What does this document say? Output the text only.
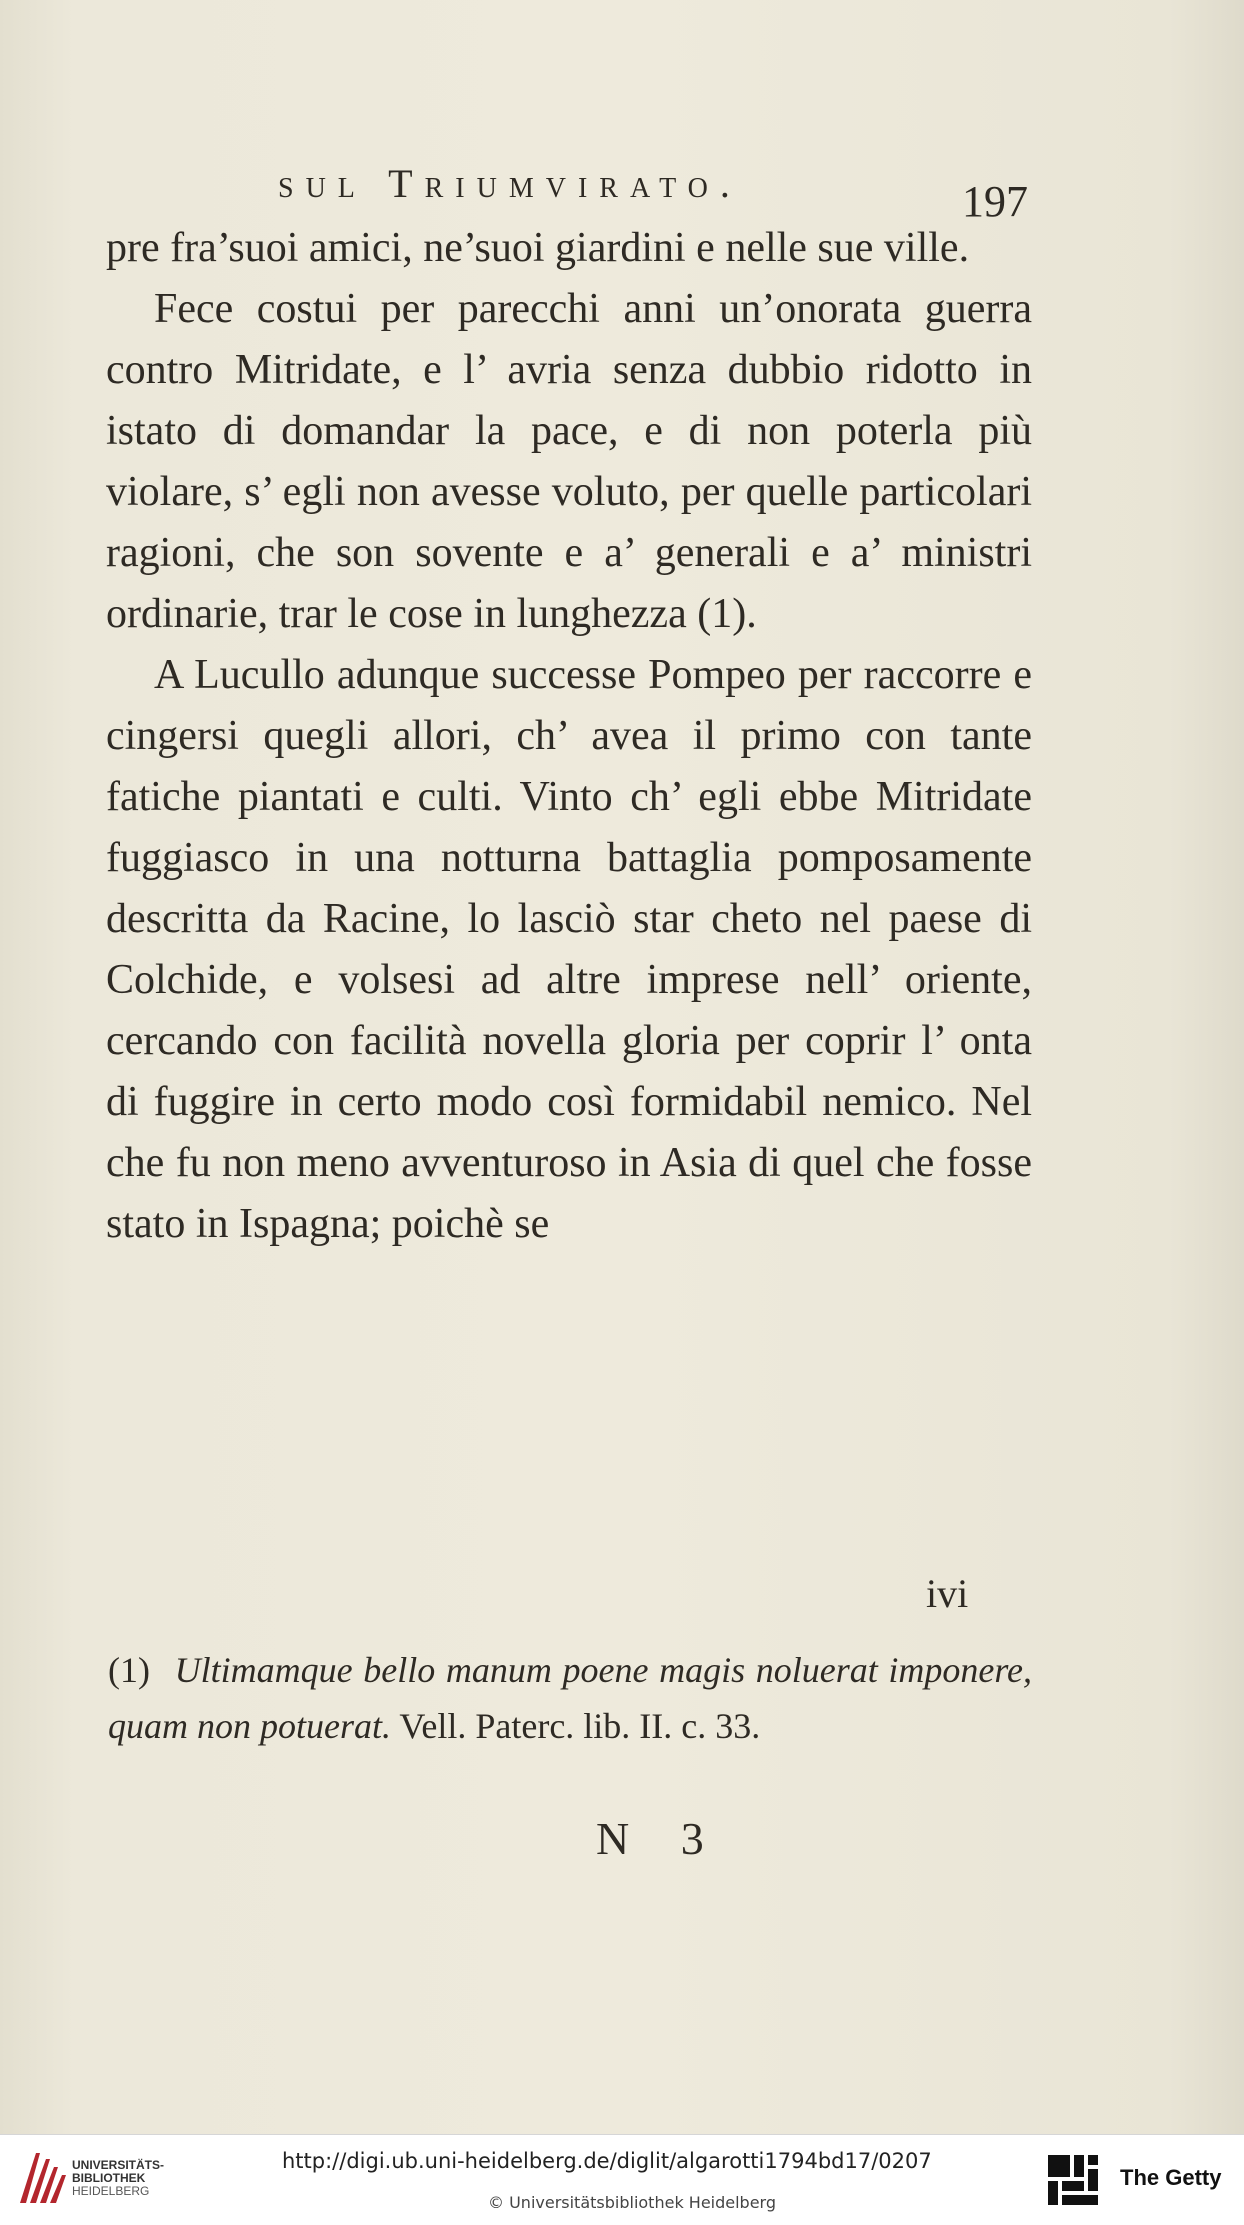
sul Triumvirato.	197

pre fra’suoi amici, ne’suoi giardini e nelle sue ville.

Fece costui per parecchi anni un’onorata guerra contro Mitridate, e l’ avria senza dubbio ridotto in istato di domandar la pace, e di non poterla più violare, s’ egli non avesse voluto, per quelle particolari ragioni, che son sovente e a’ generali e a’ ministri ordinarie, trar le cose in lunghezza (1).

A Lucullo adunque successe Pompeo per raccorre e cingersi quegli allori, ch’ avea il primo con tante fatiche piantati e culti. Vinto ch’ egli ebbe Mitridate fuggiasco in una notturna battaglia pomposamente descritta da Racine, lo lasciò star cheto nel paese di Colchide, e volsesi ad altre imprese nell’ oriente, cercando con facilità novella gloria per coprir l’ onta di fuggire in certo modo così formidabil nemico. Nel che fu non meno avventuroso in Asia di quel che fosse stato in Ispagna; poichè se

ivi
(1) Ultimamque bello manum poene magis noluerat imponere, quam non potuerat. Vell. Paterc. lib. II. c. 33.
N 3
UNIVERSITÄTS-
BIBLIOTHEK
HEIDELBERG
http://digi.ub.uni-heidelberg.de/diglit/algarotti1794bd17/0207
© Universitätsbibliothek Heidelberg
The Getty
